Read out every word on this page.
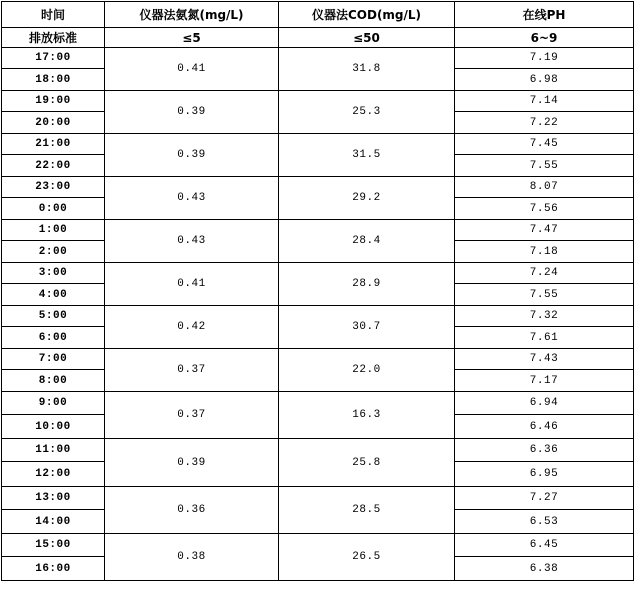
时间	仪器法氨氮(mg/L)	仪器法COD(mg/L)	在线PH
排放标准	≤5	≤50	6~9
17:00	0.41	31.8	7.19
18:00			6.98
19:00	0.39	25.3	7.14
20:00			7.22
21:00	0.39	31.5	7.45
22:00			7.55
23:00	0.43	29.2	8.07
0:00			7.56
1:00	0.43	28.4	7.47
2:00			7.18
3:00	0.41	28.9	7.24
4:00			7.55
5:00	0.42	30.7	7.32
6:00			7.61
7:00	0.37	22.0	7.43
8:00			7.17
9:00	0.37	16.3	6.94
10:00			6.46
11:00	0.39	25.8	6.36
12:00			6.95
13:00	0.36	28.5	7.27
14:00			6.53
15:00	0.38	26.5	6.45
16:00			6.38
